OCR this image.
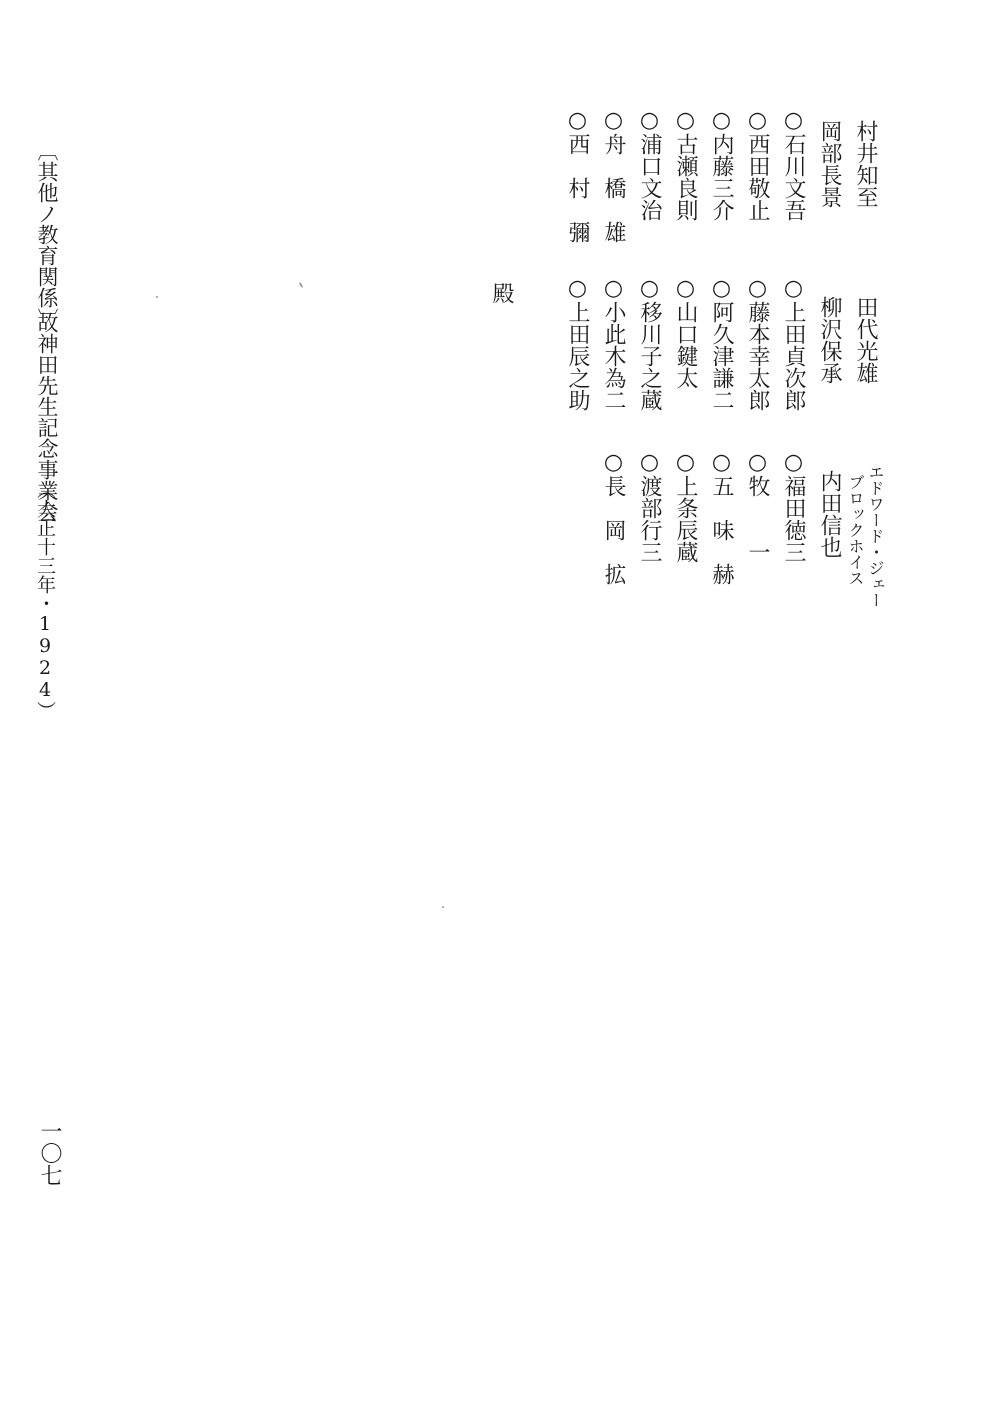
村井知至
田代光雄
エドワード・ジェー
ブロックホイス
岡部長景
柳沢保承
内田信也
○石川文吾
○上田貞次郎
○福田徳三
○西田敬止
○藤本幸太郎
○牧　　一
○内藤三介
○阿久津謙二
○五　味　赫
○古瀬良則
○山口鍵太
○上条辰蔵
○浦口文治
○移川子之蔵
○渡部行三
○舟　橋　雄
○小此木為二
○長　岡　拡
○西　村　彌
○上田辰之助
殿
〔其他ノ教育関係〕
故神田先生記念事業会
（大正十三年・1924）
一〇七
